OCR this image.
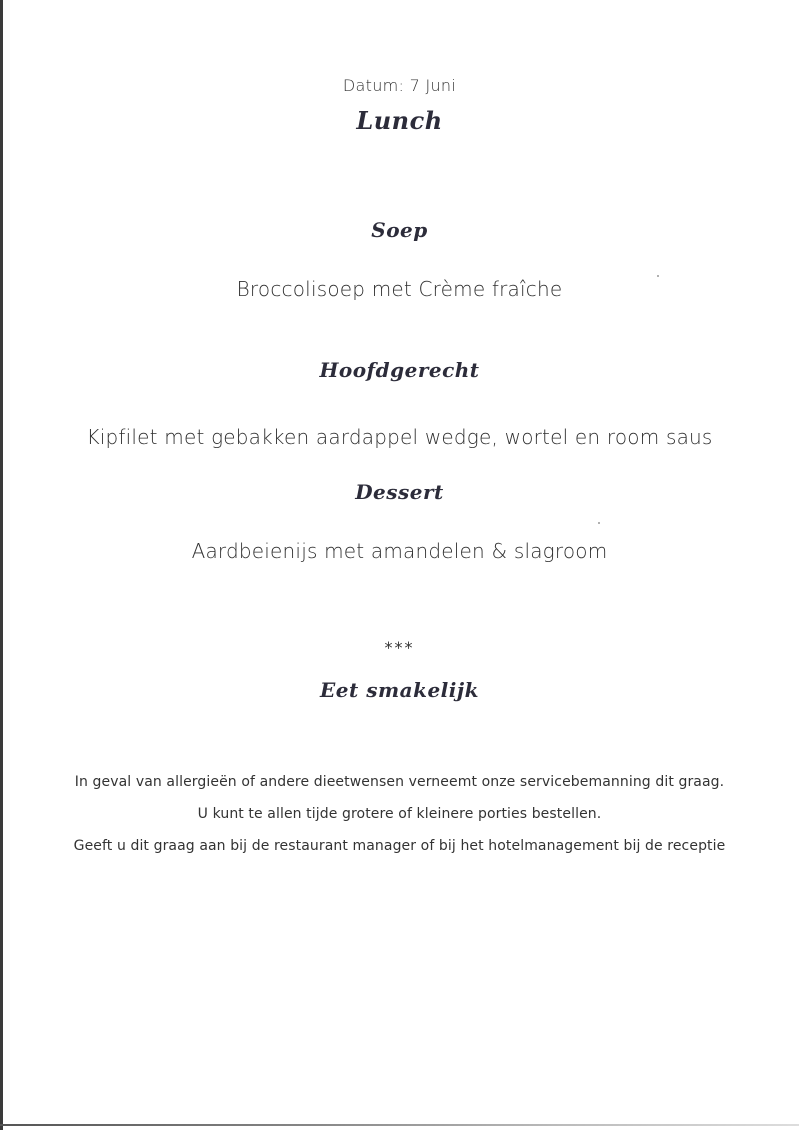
Datum: 7 Juni
Lunch
Soep
Broccolisoep met Crème fraîche
Hoofdgerecht
Kipfilet met gebakken aardappel wedge, wortel en room saus
Dessert
Aardbeienijs met amandelen & slagroom
***
Eet smakelijk
In geval van allergieën of andere dieetwensen verneemt onze servicebemanning dit graag.
U kunt te allen tijde grotere of kleinere porties bestellen.
Geeft u dit graag aan bij de restaurant manager of bij het hotelmanagement bij de receptie
